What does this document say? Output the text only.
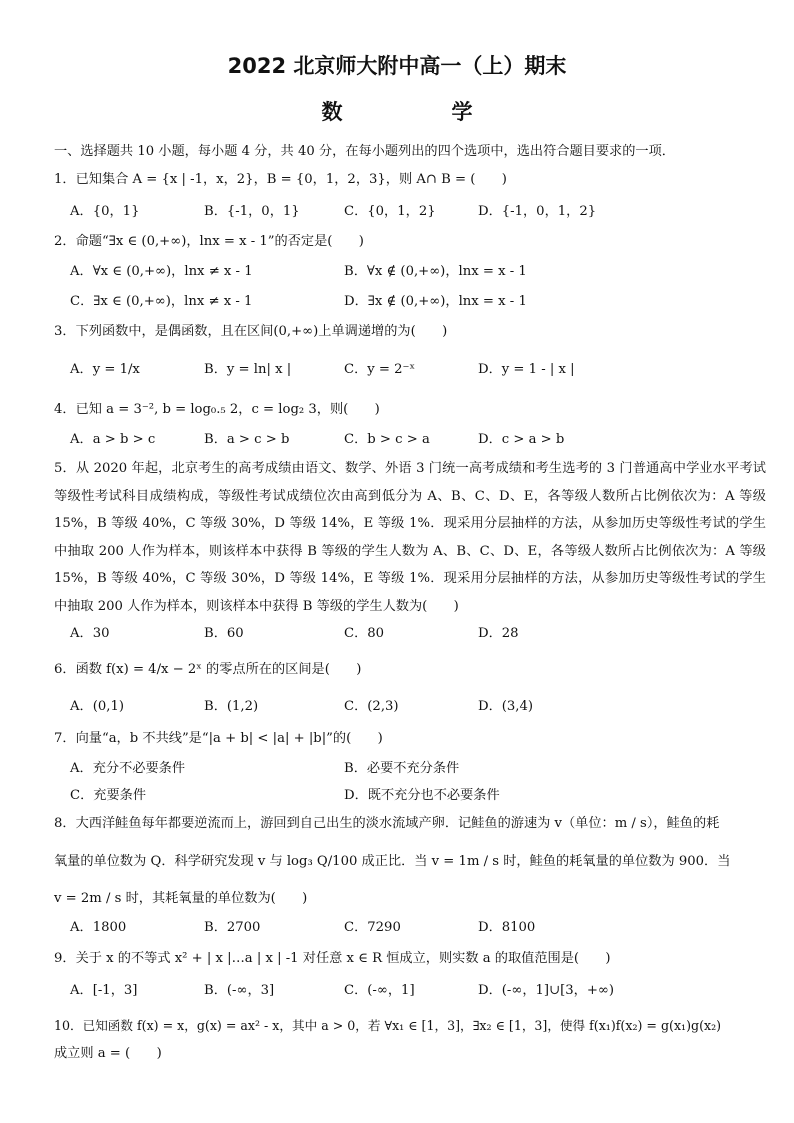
2022 北京师大附中高一（上）期末
数　学
一、选择题共 10 小题，每小题 4 分，共 40 分，在每小题列出的四个选项中，选出符合题目要求的一项．
1．已知集合 A = {x | -1，x，2}，B = {0，1，2，3}，则 A∩ B = (　　)
A．{0，1}	B．{-1，0，1}	C．{0，1，2}	D．{-1，0，1，2}
2．命题“∃x ∈ (0,+∞)，lnx = x - 1”的否定是(　　)
A．∀x ∈ (0,+∞)，lnx ≠ x - 1	B．∀x ∉ (0,+∞)，lnx = x - 1
C．∃x ∈ (0,+∞)，lnx ≠ x - 1	D．∃x ∉ (0,+∞)，lnx = x - 1
3．下列函数中，是偶函数，且在区间(0,+∞)上单调递增的为(　　)
A．y = 1/x	B．y = ln| x |	C．y = 2⁻ˣ	D．y = 1 - | x |
4．已知 a = 3⁻², b = log₀.₅ 2，c = log₂ 3，则(　　)
A．a > b > c	B．a > c > b	C．b > c > a	D．c > a > b
5．从 2020 年起，北京考生的高考成绩由语文、数学、外语 3 门统一高考成绩和考生选考的 3 门普通高中学业水平考试等级性考试科目成绩构成，等级性考试成绩位次由高到低分为 A、B、C、D、E，各等级人数所占比例依次为：A 等级 15%，B 等级 40%，C 等级 30%，D 等级 14%，E 等级 1%．现采用分层抽样的方法，从参加历史等级性考试的学生中抽取 200 人作为样本，则该样本中获得 B 等级的学生人数为 A、B、C、D、E，各等级人数所占比例依次为：A 等级 15%，B 等级 40%，C 等级 30%，D 等级 14%，E 等级 1%．现采用分层抽样的方法，从参加历史等级性考试的学生中抽取 200 人作为样本，则该样本中获得 B 等级的学生人数为(　　)
A．30	B．60	C．80	D．28
6．函数 f(x) = 4/x − 2ˣ 的零点所在的区间是(　　)
A．(0,1)	B．(1,2)	C．(2,3)	D．(3,4)
7．向量“a，b 不共线”是“|a + b| < |a| + |b|”的(　　)
A．充分不必要条件	B．必要不充分条件
C．充要条件	D．既不充分也不必要条件
8．大西洋鲑鱼每年都要逆流而上，游回到自己出生的淡水流域产卵．记鲑鱼的游速为 v（单位：m / s），鲑鱼的耗
氧量的单位数为 Q．科学研究发现 v 与 log₃ Q/100 成正比．当 v = 1m / s 时，鲑鱼的耗氧量的单位数为 900．当
v = 2m / s 时，其耗氧量的单位数为(　　)
A．1800	B．2700	C．7290	D．8100
9．关于 x 的不等式 x² + | x |…a | x | -1 对任意 x ∈ R 恒成立，则实数 a 的取值范围是(　　)
A．[-1，3]	B．(-∞，3]	C．(-∞，1]	D．(-∞，1]∪[3，+∞)
10．已知函数 f(x) = x，g(x) = ax² - x，其中 a > 0，若 ∀x₁ ∈ [1，3]，∃x₂ ∈ [1，3]，使得 f(x₁)f(x₂) = g(x₁)g(x₂)
成立则 a = (　　)
